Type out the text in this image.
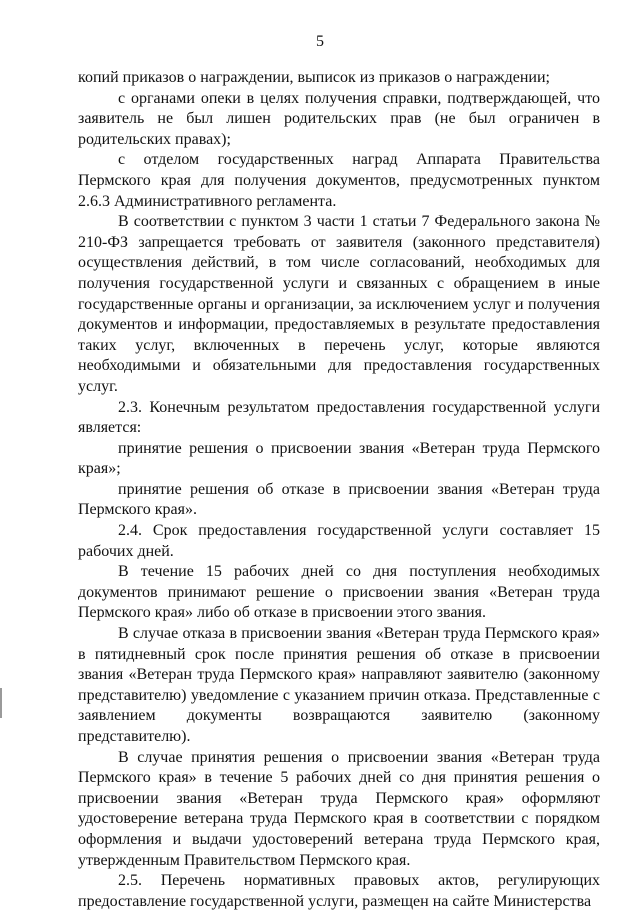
5

копий приказов о награждении, выписок из приказов о награждении;

с органами опеки в целях получения справки, подтверждающей, что заявитель не был лишен родительских прав (не был ограничен в родительских правах);

с отделом государственных наград Аппарата Правительства Пермского края для получения документов, предусмотренных пунктом 2.6.3 Административного регламента.

В соответствии с пунктом 3 части 1 статьи 7 Федерального закона № 210-ФЗ запрещается требовать от заявителя (законного представителя) осуществления действий, в том числе согласований, необходимых для получения государственной услуги и связанных с обращением в иные государственные органы и организации, за исключением услуг и получения документов и информации, предоставляемых в результате предоставления таких услуг, включенных в перечень услуг, которые являются необходимыми и обязательными для предоставления государственных услуг.

2.3. Конечным результатом предоставления государственной услуги является:

принятие решения о присвоении звания «Ветеран труда Пермского края»;

принятие решения об отказе в присвоении звания «Ветеран труда Пермского края».

2.4. Срок предоставления государственной услуги составляет 15 рабочих дней.

В течение 15 рабочих дней со дня поступления необходимых документов принимают решение о присвоении звания «Ветеран труда Пермского края» либо об отказе в присвоении этого звания.

В случае отказа в присвоении звания «Ветеран труда Пермского края» в пятидневный срок после принятия решения об отказе в присвоении звания «Ветеран труда Пермского края» направляют заявителю (законному представителю) уведомление с указанием причин отказа. Представленные с заявлением документы возвращаются заявителю (законному представителю).

В случае принятия решения о присвоении звания «Ветеран труда Пермского края» в течение 5 рабочих дней со дня принятия решения о присвоении звания «Ветеран труда Пермского края» оформляют удостоверение ветерана труда Пермского края в соответствии с порядком оформления и выдачи удостоверений ветерана труда Пермского края, утвержденным Правительством Пермского края.

2.5. Перечень нормативных правовых актов, регулирующих предоставление государственной услуги, размещен на сайте Министерства
